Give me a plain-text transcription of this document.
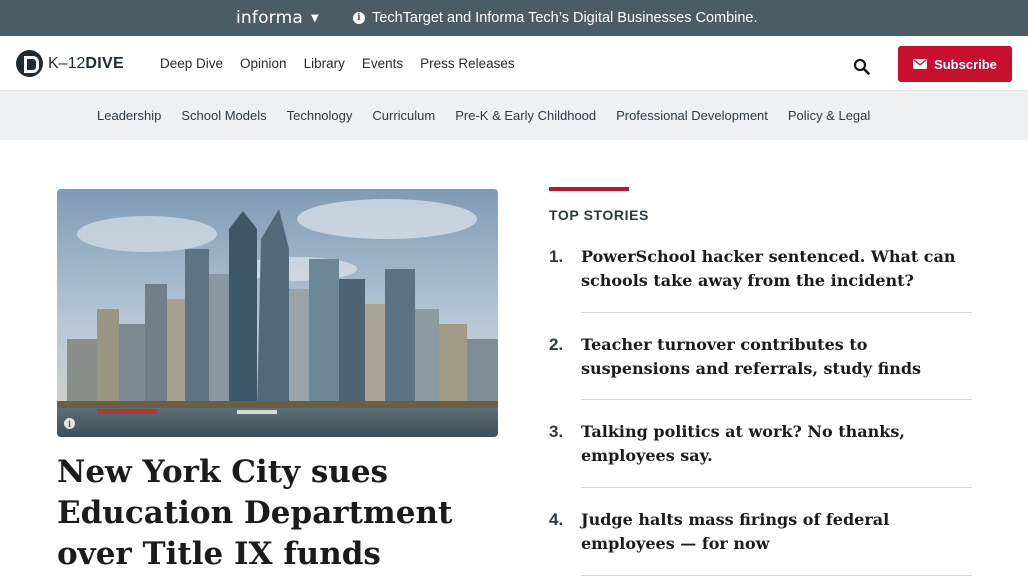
informa ▼	i TechTarget and Informa Tech’s Digital Businesses Combine.
K–12DIVE	Deep Dive Opinion Library Events Press Releases	Subscribe
Leadership School Models Technology Curriculum Pre-K & Early Childhood Professional Development Policy & Legal
i
New York City sues Education Department over Title IX funds
TOP STORIES
1. PowerSchool hacker sentenced. What can schools take away from the incident?
2. Teacher turnover contributes to suspensions and referrals, study finds
3. Talking politics at work? No thanks, employees say.
4. Judge halts mass firings of federal employees — for now
